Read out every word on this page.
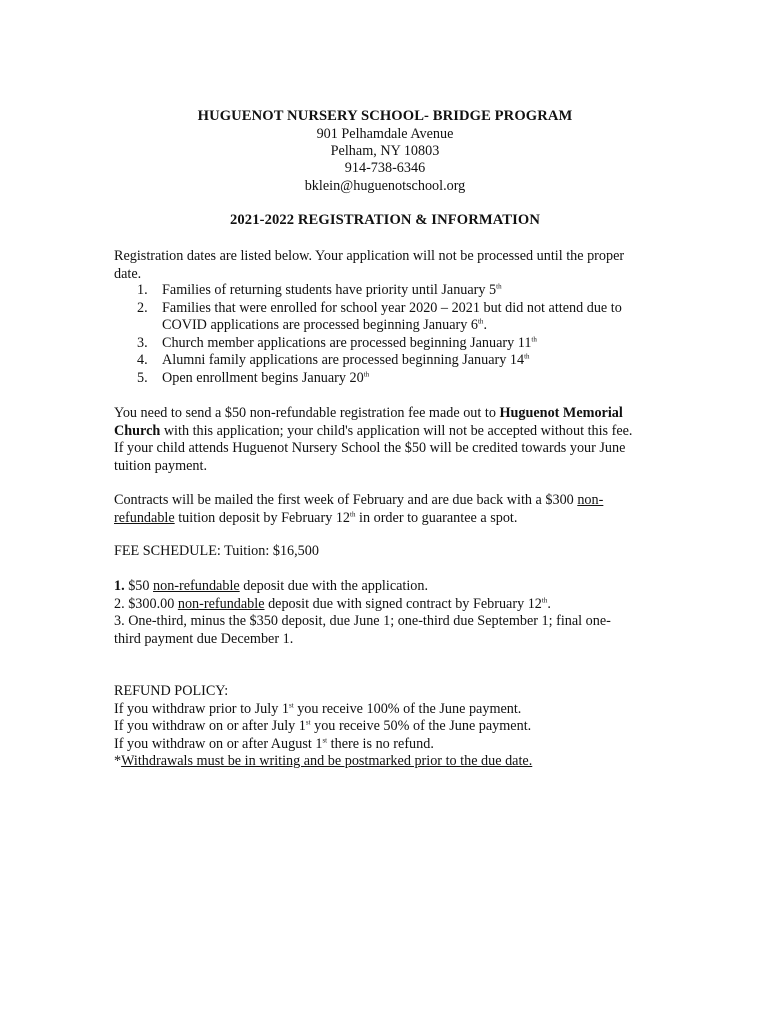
HUGUENOT NURSERY SCHOOL- BRIDGE PROGRAM
901 Pelhamdale Avenue
Pelham, NY 10803
914-738-6346
bklein@huguenotschool.org
2021-2022 REGISTRATION & INFORMATION
Registration dates are listed below. Your application will not be processed until the proper
date.
1. Families of returning students have priority until January 5th
2. Families that were enrolled for school year 2020 – 2021 but did not attend due to
COVID applications are processed beginning January 6th.
3. Church member applications are processed beginning January 11th
4. Alumni family applications are processed beginning January 14th
5. Open enrollment begins January 20th
You need to send a $50 non-refundable registration fee made out to Huguenot Memorial
Church with this application; your child's application will not be accepted without this fee.
If your child attends Huguenot Nursery School the $50 will be credited towards your June
tuition payment.
Contracts will be mailed the first week of February and are due back with a $300 non-
refundable tuition deposit by February 12th in order to guarantee a spot.
FEE SCHEDULE: Tuition: $16,500
1. $50 non-refundable deposit due with the application.
2. $300.00 non-refundable deposit due with signed contract by February 12th.
3. One-third, minus the $350 deposit, due June 1; one-third due September 1; final one-
third payment due December 1.
REFUND POLICY:
If you withdraw prior to July 1st you receive 100% of the June payment.
If you withdraw on or after July 1st you receive 50% of the June payment.
If you withdraw on or after August 1st there is no refund.
*Withdrawals must be in writing and be postmarked prior to the due date.
